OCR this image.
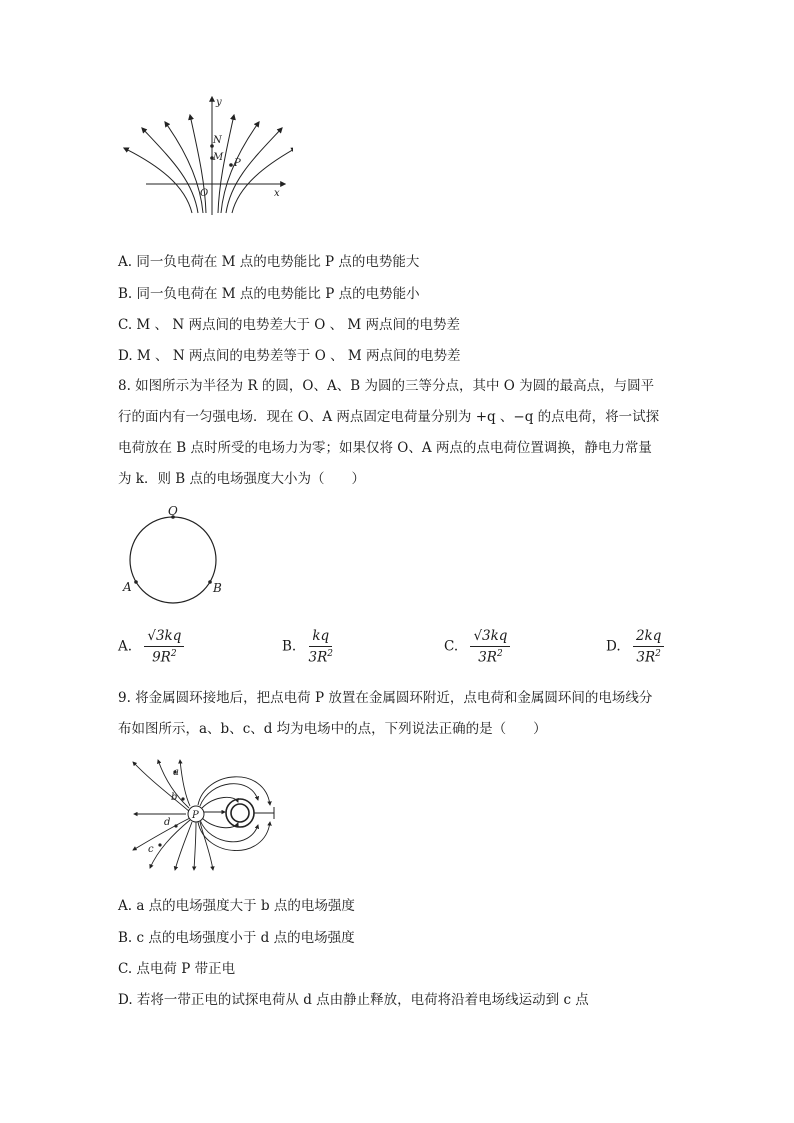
y
x
O
N
M
P
A. 同一负电荷在 M 点的电势能比 P 点的电势能大
B. 同一负电荷在 M 点的电势能比 P 点的电势能小
C. M 、 N 两点间的电势差大于 O 、 M 两点间的电势差
D. M 、 N 两点间的电势差等于 O 、 M 两点间的电势差
8. 如图所示为半径为 R 的圆，O、A、B 为圆的三等分点，其中 O 为圆的最高点，与圆平
行的面内有一匀强电场．现在 O、A 两点固定电荷量分别为 +q 、−q 的点电荷，将一试探
电荷放在 B 点时所受的电场力为零；如果仅将 O、A 两点的点电荷位置调换，静电力常量
为 k．则 B 点的电场强度大小为（　　）
O
A	B
A. $\frac{√3kq}{9R^2}$	B. $\frac{kq}{3R^2}$	C. $\frac{√3kq}{3R^2}$	D. $\frac{2kq}{3R^2}$
9. 将金属圆环接地后，把点电荷 P 放置在金属圆环附近，点电荷和金属圆环间的电场线分
布如图所示，a、b、c、d 均为电场中的点，下列说法正确的是（　　）
a
b
c
d
P
A. a 点的电场强度大于 b 点的电场强度
B. c 点的电场强度小于 d 点的电场强度
C. 点电荷 P 带正电
D. 若将一带正电的试探电荷从 d 点由静止释放，电荷将沿着电场线运动到 c 点
